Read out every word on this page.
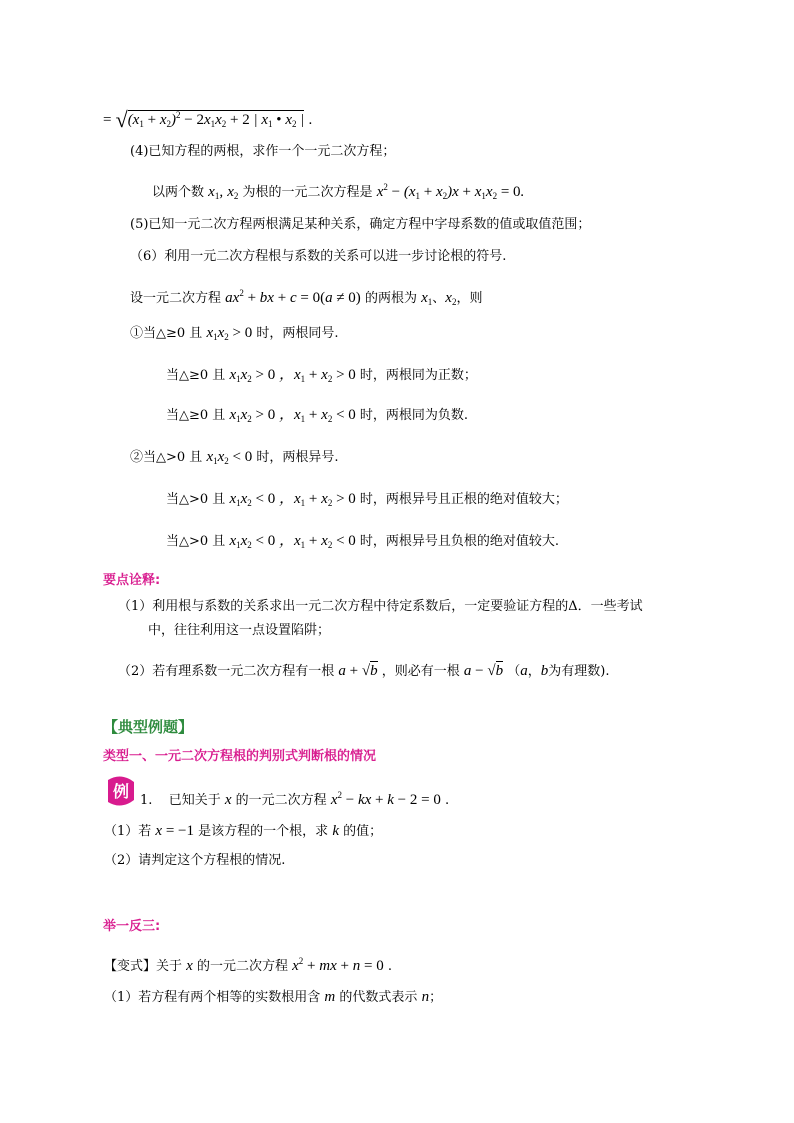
= $√(x_1 + x_2)^2 - 2x_1x_2 + 2$ | $x_1$ • $x_2$ | .
(4)已知方程的两根，求作一个一元二次方程；
以两个数 $x_1$, $x_2$ 为根的一元二次方程是 $x^2 - (x_1 + x_2)x + x_1x_2 = 0$.
(5)已知一元二次方程两根满足某种关系，确定方程中字母系数的值或取值范围；
（6）利用一元二次方程根与系数的关系可以进一步讨论根的符号.
设一元二次方程 $ax^2$ + bx + c = 0(a ≠ 0) 的两根为 $x_1$、$x_2$，则
①当△≥0 且 $x_1x_2 > 0$ 时，两根同号.
当△≥0 且 $x_1x_2 > 0$ ，$x_1 + x_2 > 0$ 时，两根同为正数；
当△≥0 且 $x_1x_2 > 0$ ，$x_1 + x_2 < 0$ 时，两根同为负数.
②当△>0 且 $x_1x_2 < 0$ 时，两根异号.
当△>0 且 $x_1x_2 < 0$ ，$x_1 + x_2 > 0$ 时，两根异号且正根的绝对值较大；
当△>0 且 $x_1x_2 < 0$ ，$x_1 + x_2 < 0$ 时，两根异号且负根的绝对值较大.
要点诠释:
（1）利用根与系数的关系求出一元二次方程中待定系数后，一定要验证方程的Δ．一些考试
中，往往利用这一点设置陷阱；
（2）若有理系数一元二次方程有一根 a + √b ，则必有一根 a − √b （a，b为有理数).
【典型例题】
类型一、一元二次方程根的判别式判断根的情况
例 1. 已知关于 x 的一元二次方程 $x^2$ − kx + k − 2 = 0 .
（1）若 x = −1 是该方程的一个根，求 k 的值；
（2）请判定这个方程根的情况.
举一反三:
【变式】关于 x 的一元二次方程 $x^2$ + mx + n = 0 .
（1）若方程有两个相等的实数根用含 m 的代数式表示 n；
